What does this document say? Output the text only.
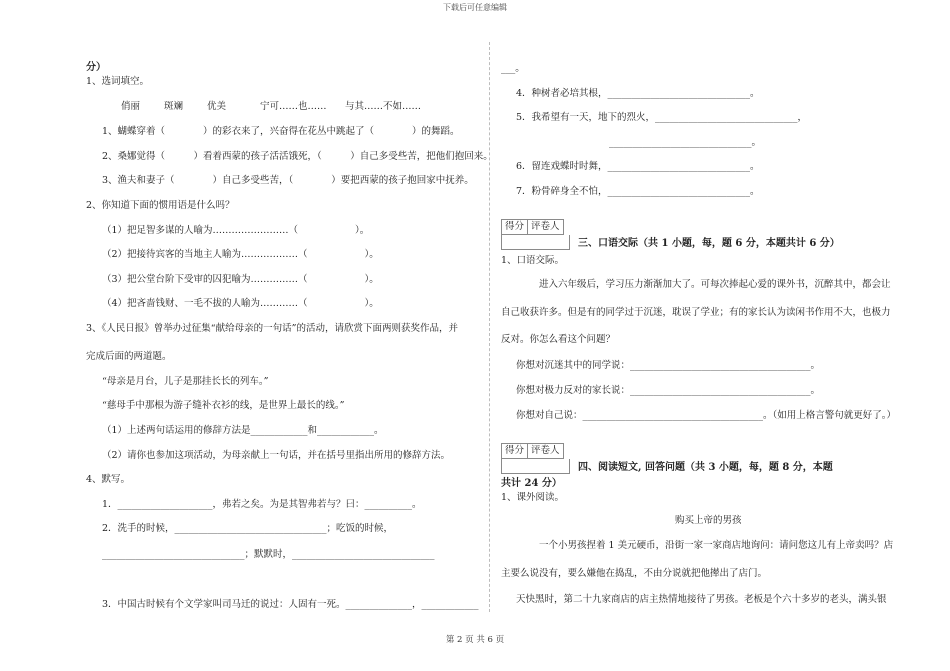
下载后可任意编辑
分）
1、选词填空。
俏丽	斑斓	优美	宁可……也…… 与其……不如……
1、蝴蝶穿着（　　　　）的彩衣来了，兴奋得在花丛中跳起了（　　　　）的舞蹈。
2、桑娜觉得（　　　）看着西蒙的孩子活活饿死，（　　　）自己多受些苦，把他们抱回来。
3、渔夫和妻子（　　　　）自己多受些苦，（　　　　）要把西蒙的孩子抱回家中抚养。
2、你知道下面的惯用语是什么吗？
（1）把足智多谋的人喻为……………………（　　　　　　）。
（2）把接待宾客的当地主人喻为………………（　　　　　　）。
（3）把公堂台阶下受审的囚犯喻为……………（　　　　　　）。
（4）把吝啬钱财、一毛不拔的人喻为…………（　　　　　　）。
3、《人民日报》曾举办过征集“献给母亲的一句话”的活动，请欣赏下面两则获奖作品，并
完成后面的两道题。
“母亲是月台，儿子是那挂长长的列车。”
“慈母手中那根为游子缝补衣衫的线，是世界上最长的线。”
（1）上述两句话运用的修辞方法是____________和____________。
（2）请你也参加这项活动，为母亲献上一句话，并在括号里指出所用的修辞方法。
4、默写。
1．____________________，弗若之矣。为是其智弗若与？曰：__________。
2．洗手的时候，________________________________；吃饭的时候，
______________________________；默默时，______________________________
3．中国古时候有个文学家叫司马迁的说过：人固有一死。______________，____________
___。
4．种树者必培其根，______________________________。
5．我希望有一天，地下的烈火，______________________________，
______________________________。
6．留连戏蝶时时舞，______________________________。
7．粉骨碎身全不怕，______________________________。
得分 评卷人
三、口语交际（共 1 小题，每，题 6 分，本题共计 6 分）
1、口语交际。
进入六年级后，学习压力渐渐加大了。可每次捧起心爱的课外书，沉醉其中，都会让
自己收获许多。但是有的同学过于沉迷，耽误了学业；有的家长认为读闲书作用不大，也极力
反对。你怎么看这个问题？
你想对沉迷其中的同学说：______________________________________。
你想对极力反对的家长说：______________________________________。
你想对自己说：______________________________________。（如用上格言警句就更好了。）
得分 评卷人
四、阅读短文, 回答问题（共 3 小题，每，题 8 分，本题
共计 24 分）
1、课外阅读。
购买上帝的男孩
一个小男孩捏着 1 美元硬币，沿街一家一家商店地询问：请问您这儿有上帝卖吗？店
主要么说没有，要么嫌他在捣乱，不由分说就把他撵出了店门。
天快黑时，第二十九家商店的店主热情地接待了男孩。老板是个六十多岁的老头，满头银
第 2 页 共 6 页
